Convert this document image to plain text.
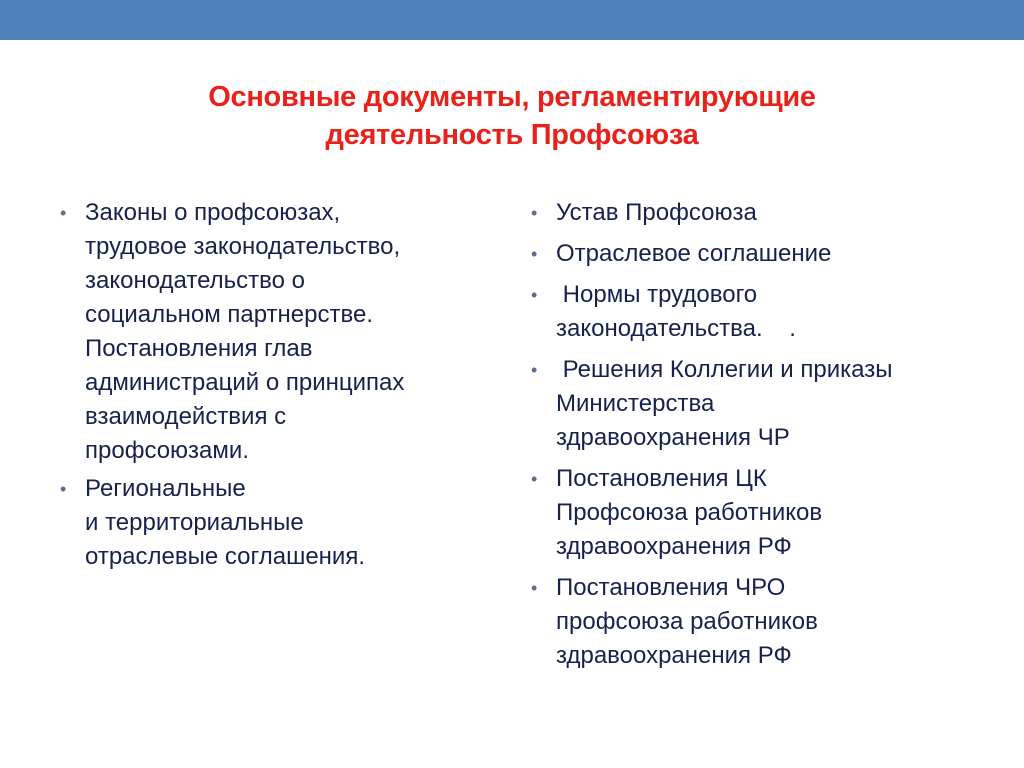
Основные документы, регламентирующие
деятельность Профсоюза
• Законы о профсоюзах,
трудовое законодательство,
законодательство о
социальном партнерстве.
Постановления глав
администраций о принципах
взаимодействия с
профсоюзами.
• Региональные
и территориальные
отраслевые соглашения.
• Устав Профсоюза
• Отраслевое соглашение
• Нормы трудового
законодательства.    .
• Решения Коллегии и приказы
Министерства
здравоохранения ЧР
• Постановления ЦК
Профсоюза работников
здравоохранения РФ
• Постановления ЧРО
профсоюза работников
здравоохранения РФ
